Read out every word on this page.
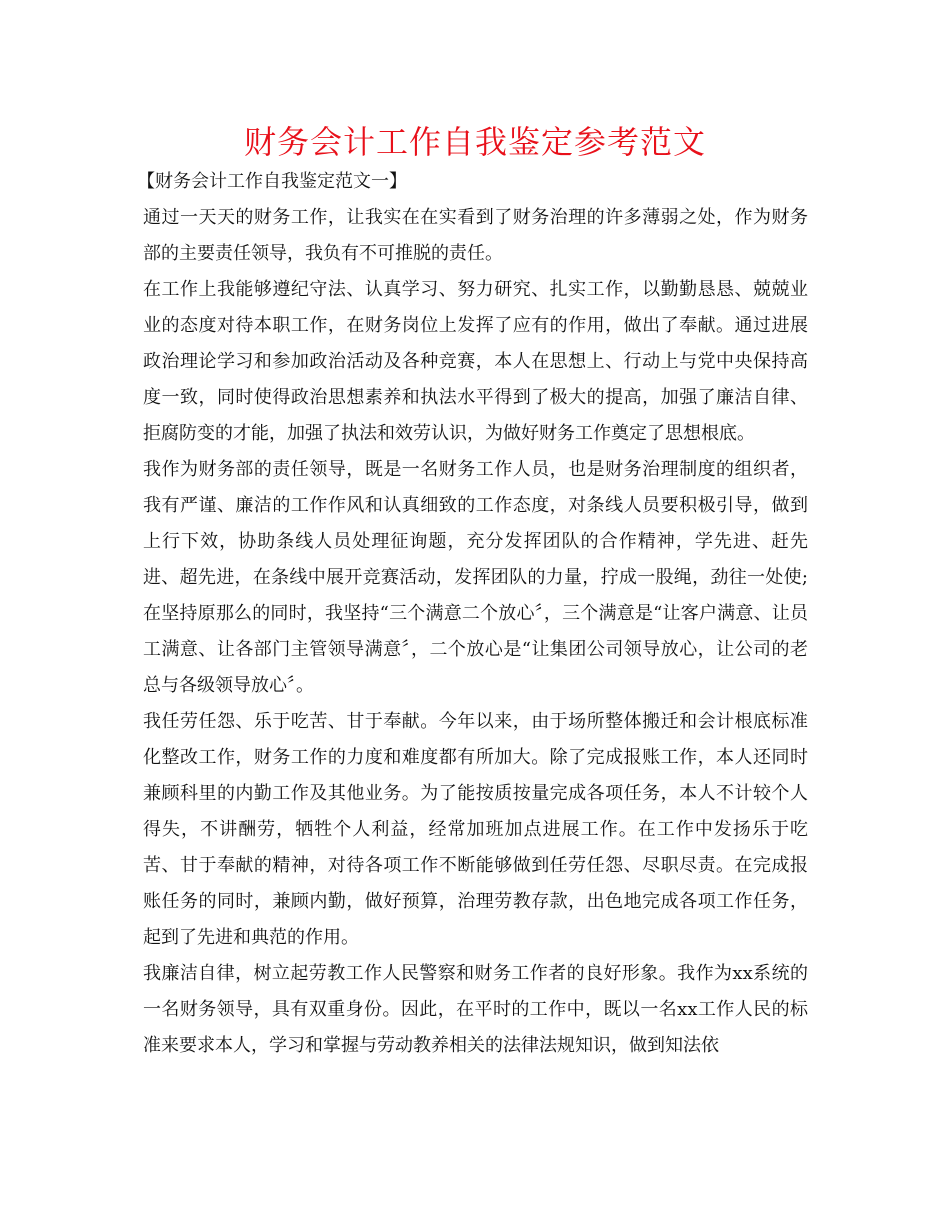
财务会计工作自我鉴定参考范文

【财务会计工作自我鉴定范文一】

通过一天天的财务工作，让我实在在实看到了财务治理的许多薄弱之处，作为财务部的主要责任领导，我负有不可推脱的责任。

在工作上我能够遵纪守法、认真学习、努力研究、扎实工作，以勤勤恳恳、兢兢业业的态度对待本职工作，在财务岗位上发挥了应有的作用，做出了奉献。通过进展政治理论学习和参加政治活动及各种竞赛，本人在思想上、行动上与党中央保持高度一致，同时使得政治思想素养和执法水平得到了极大的提高，加强了廉洁自律、拒腐防变的才能，加强了执法和效劳认识，为做好财务工作奠定了思想根底。

我作为财务部的责任领导，既是一名财务工作人员，也是财务治理制度的组织者，我有严谨、廉洁的工作作风和认真细致的工作态度，对条线人员要积极引导，做到上行下效，协助条线人员处理征询题，充分发挥团队的合作精神，学先进、赶先进、超先进，在条线中展开竞赛活动，发挥团队的力量，拧成一股绳，劲往一处使;在坚持原那么的同时，我坚持“三个满意二个放心〞，三个满意是“让客户满意、让员工满意、让各部门主管领导满意〞，二个放心是“让集团公司领导放心，让公司的老总与各级领导放心〞。

我任劳任怨、乐于吃苦、甘于奉献。今年以来，由于场所整体搬迁和会计根底标准化整改工作，财务工作的力度和难度都有所加大。除了完成报账工作，本人还同时兼顾科里的内勤工作及其他业务。为了能按质按量完成各项任务，本人不计较个人得失，不讲酬劳，牺牲个人利益，经常加班加点进展工作。在工作中发扬乐于吃苦、甘于奉献的精神，对待各项工作不断能够做到任劳任怨、尽职尽责。在完成报账任务的同时，兼顾内勤，做好预算，治理劳教存款，出色地完成各项工作任务，起到了先进和典范的作用。

我廉洁自律，树立起劳教工作人民警察和财务工作者的良好形象。我作为xx系统的一名财务领导，具有双重身份。因此，在平时的工作中，既以一名xx工作人民的标准来要求本人，学习和掌握与劳动教养相关的法律法规知识，做到知法依
